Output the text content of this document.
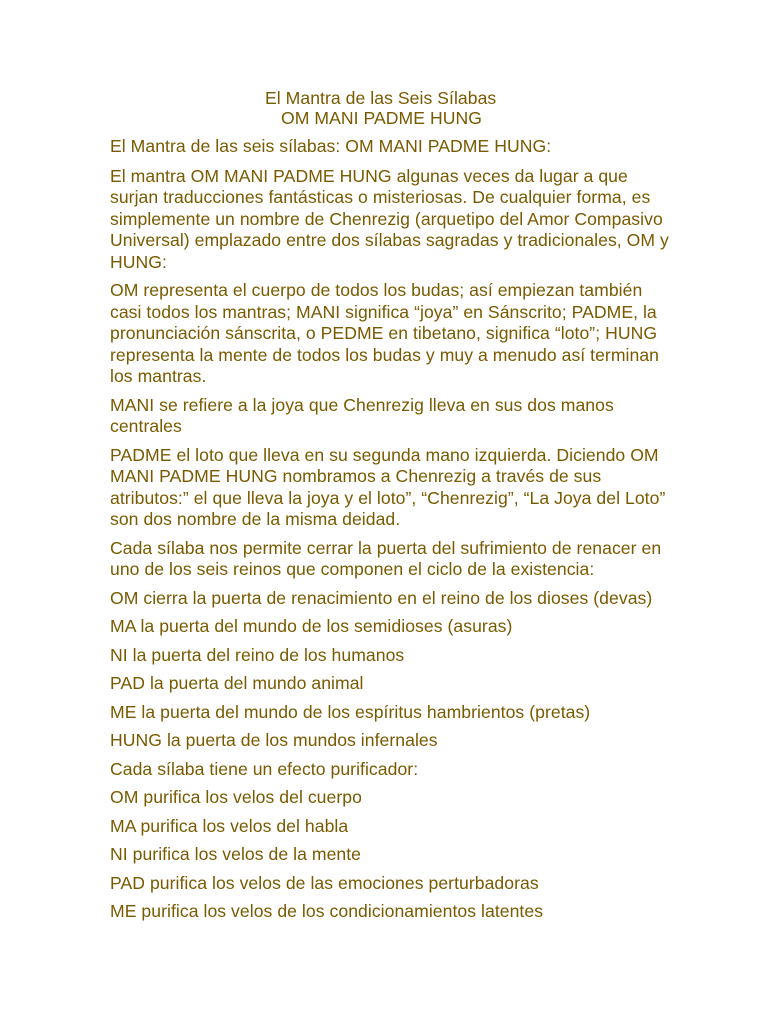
El Mantra de las Seis Sílabas
OM MANI PADME HUNG
El Mantra de las seis sílabas: OM MANI PADME HUNG:
El mantra OM MANI PADME HUNG algunas veces da lugar a que surjan traducciones fantásticas o misteriosas. De cualquier forma, es simplemente un nombre de Chenrezig (arquetipo del Amor Compasivo Universal) emplazado entre dos sílabas sagradas y tradicionales, OM y HUNG:
OM representa el cuerpo de todos los budas; así empiezan también casi todos los mantras; MANI significa “joya” en Sánscrito; PADME, la pronunciación sánscrita, o PEDME en tibetano, significa “loto”; HUNG representa la mente de todos los budas y muy a menudo así terminan los mantras.
MANI se refiere a la joya que Chenrezig lleva en sus dos manos centrales
PADME el loto que lleva en su segunda mano izquierda. Diciendo OM MANI PADME HUNG nombramos a Chenrezig a través de sus atributos:” el que lleva la joya y el loto”, “Chenrezig”, “La Joya del Loto” son dos nombre de la misma deidad.
Cada sílaba nos permite cerrar la puerta del sufrimiento de renacer en uno de los seis reinos que componen el ciclo de la existencia:
OM cierra la puerta de renacimiento en el reino de los dioses (devas)
MA la puerta del mundo de los semidioses (asuras)
NI la puerta del reino de los humanos
PAD la puerta del mundo animal
ME la puerta del mundo de los espíritus hambrientos (pretas)
HUNG la puerta de los mundos infernales
Cada sílaba tiene un efecto purificador:
OM purifica los velos del cuerpo
MA purifica los velos del habla
NI purifica los velos de la mente
PAD purifica los velos de las emociones perturbadoras
ME purifica los velos de los condicionamientos latentes
